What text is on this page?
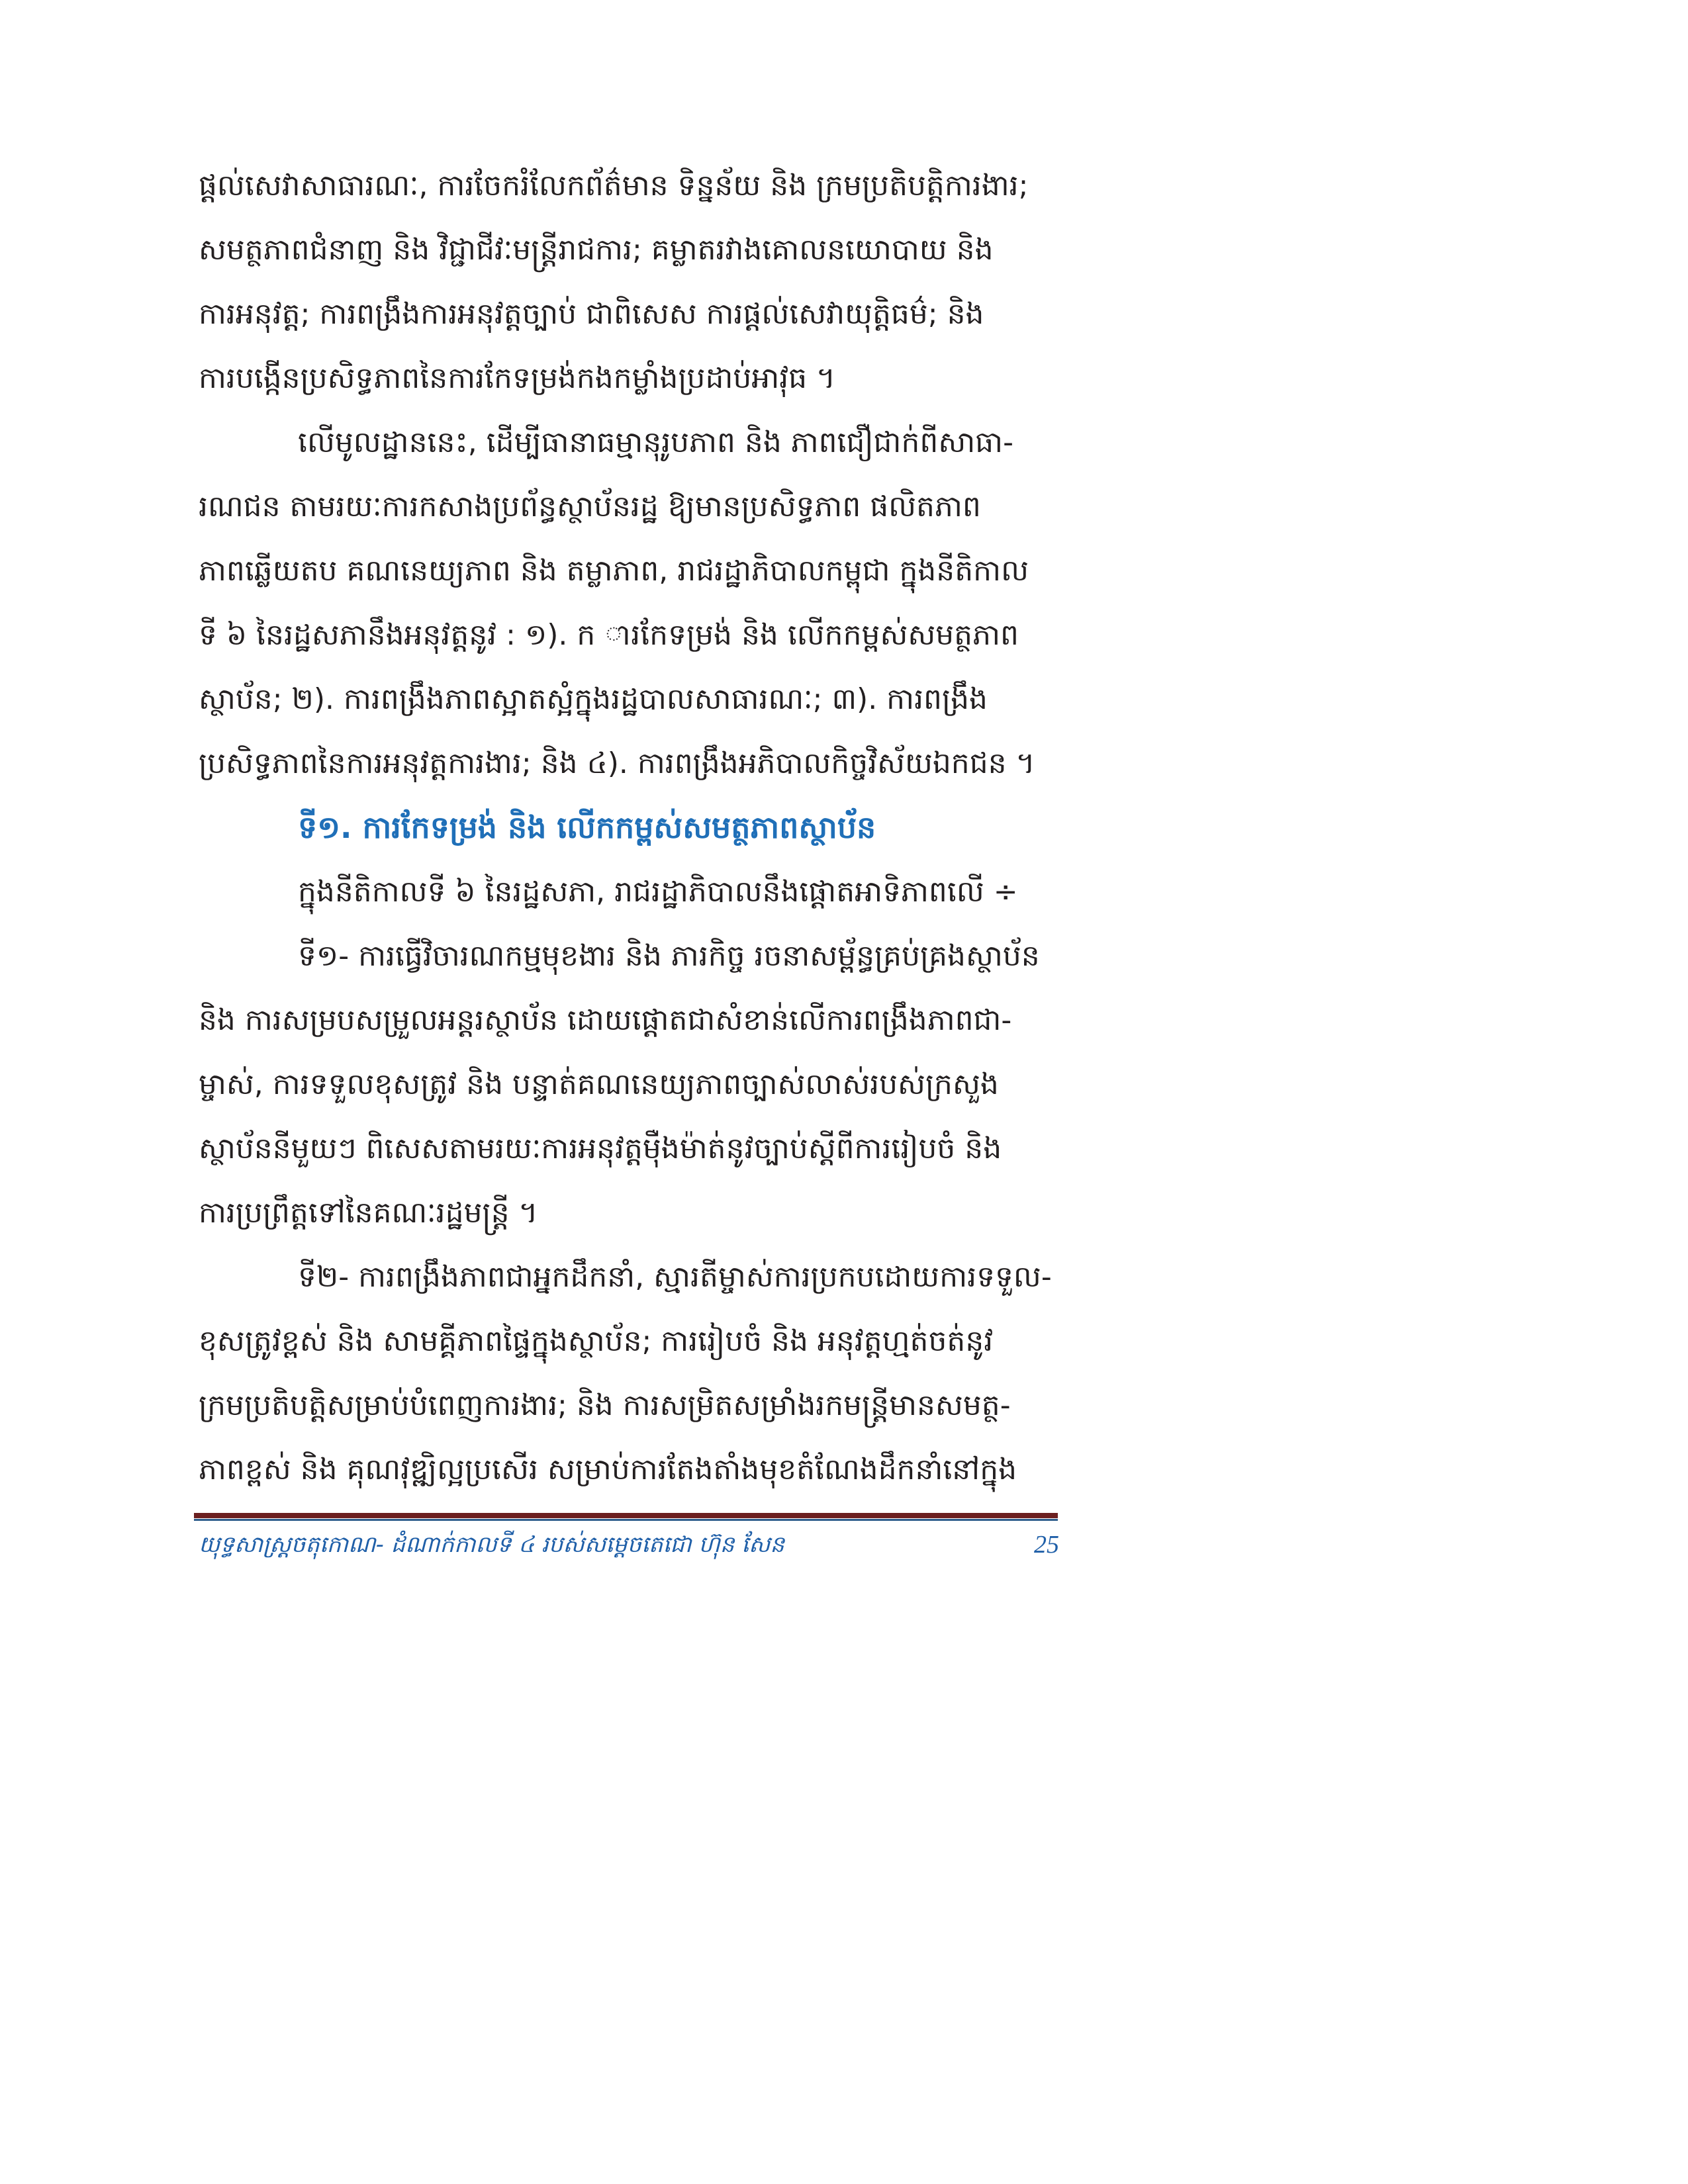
ផ្តល់សេវាសាធារណៈ, ការចែករំលែកព័ត៌មាន ទិន្នន័យ និង ក្រមប្រតិបត្តិការងារ;
សមត្ថភាពជំនាញ និង វិជ្ជាជីវៈមន្ត្រីរាជការ; គម្លាតរវាងគោលនយោបាយ និង
ការអនុវត្ត; ការពង្រឹងការអនុវត្តច្បាប់ ជាពិសេស ការផ្តល់សេវាយុត្តិធម៌; និង
ការបង្កើនប្រសិទ្ធភាពនៃការកែទម្រង់កងកម្លាំងប្រដាប់អាវុធ ។
លើមូលដ្ឋាននេះ, ដើម្បីធានាធម្មានុរូបភាព និង ភាពជឿជាក់ពីសាធា-
រណជន តាមរយៈការកសាងប្រព័ន្ធស្ថាប័នរដ្ឋ ឱ្យមានប្រសិទ្ធភាព ផលិតភាព
ភាពឆ្លើយតប គណនេយ្យភាព និង តម្លាភាព, រាជរដ្ឋាភិបាលកម្ពុជា ក្នុងនីតិកាល
ទី ៦ នៃរដ្ឋសភានឹងអនុវត្តនូវ : ១). ក ារកែទម្រង់ និង លើកកម្ពស់សមត្ថភាព
ស្ថាប័ន; ២). ការពង្រឹងភាពស្អាតស្អំក្នុងរដ្ឋបាលសាធារណៈ; ៣). ការពង្រឹង
ប្រសិទ្ធភាពនៃការអនុវត្តការងារ; និង ៤). ការពង្រឹងអភិបាលកិច្ចវិស័យឯកជន ។
ទី១. ការកែទម្រង់ និង លើកកម្ពស់សមត្ថភាពស្ថាប័ន
ក្នុងនីតិកាលទី ៦ នៃរដ្ឋសភា, រាជរដ្ឋាភិបាលនឹងផ្តោតអាទិភាពលើ ÷
ទី១- ការធ្វើវិចារណកម្មមុខងារ និង ភារកិច្ច រចនាសម្ព័ន្ធគ្រប់គ្រងស្ថាប័ន
និង ការសម្របសម្រួលអន្តរស្ថាប័ន ដោយផ្តោតជាសំខាន់លើការពង្រឹងភាពជា-
ម្ចាស់, ការទទួលខុសត្រូវ និង បន្ទាត់គណនេយ្យភាពច្បាស់លាស់របស់ក្រសួង
ស្ថាប័ននីមួយៗ ពិសេសតាមរយៈការអនុវត្តម៉ឺងម៉ាត់នូវច្បាប់ស្តីពីការរៀបចំ និង
ការប្រព្រឹត្តទៅនៃគណៈរដ្ឋមន្ត្រី ។
ទី២- ការពង្រឹងភាពជាអ្នកដឹកនាំ, ស្មារតីម្ចាស់ការប្រកបដោយការទទួល-
ខុសត្រូវខ្ពស់ និង សាមគ្គីភាពផ្ទៃក្នុងស្ថាប័ន; ការរៀបចំ និង អនុវត្តហ្មត់ចត់នូវ
ក្រមប្រតិបត្តិសម្រាប់បំពេញការងារ; និង ការសម្រិតសម្រាំងរកមន្ត្រីមានសមត្ថ-
ភាពខ្ពស់ និង គុណវុឌ្ឍិល្អប្រសើរ សម្រាប់ការតែងតាំងមុខតំណែងដឹកនាំនៅក្នុង
យុទ្ធសាស្ត្រចតុកោណ- ដំណាក់កាលទី ៤ របស់សម្តេចតេជោ ហ៊ុន សែន	25
